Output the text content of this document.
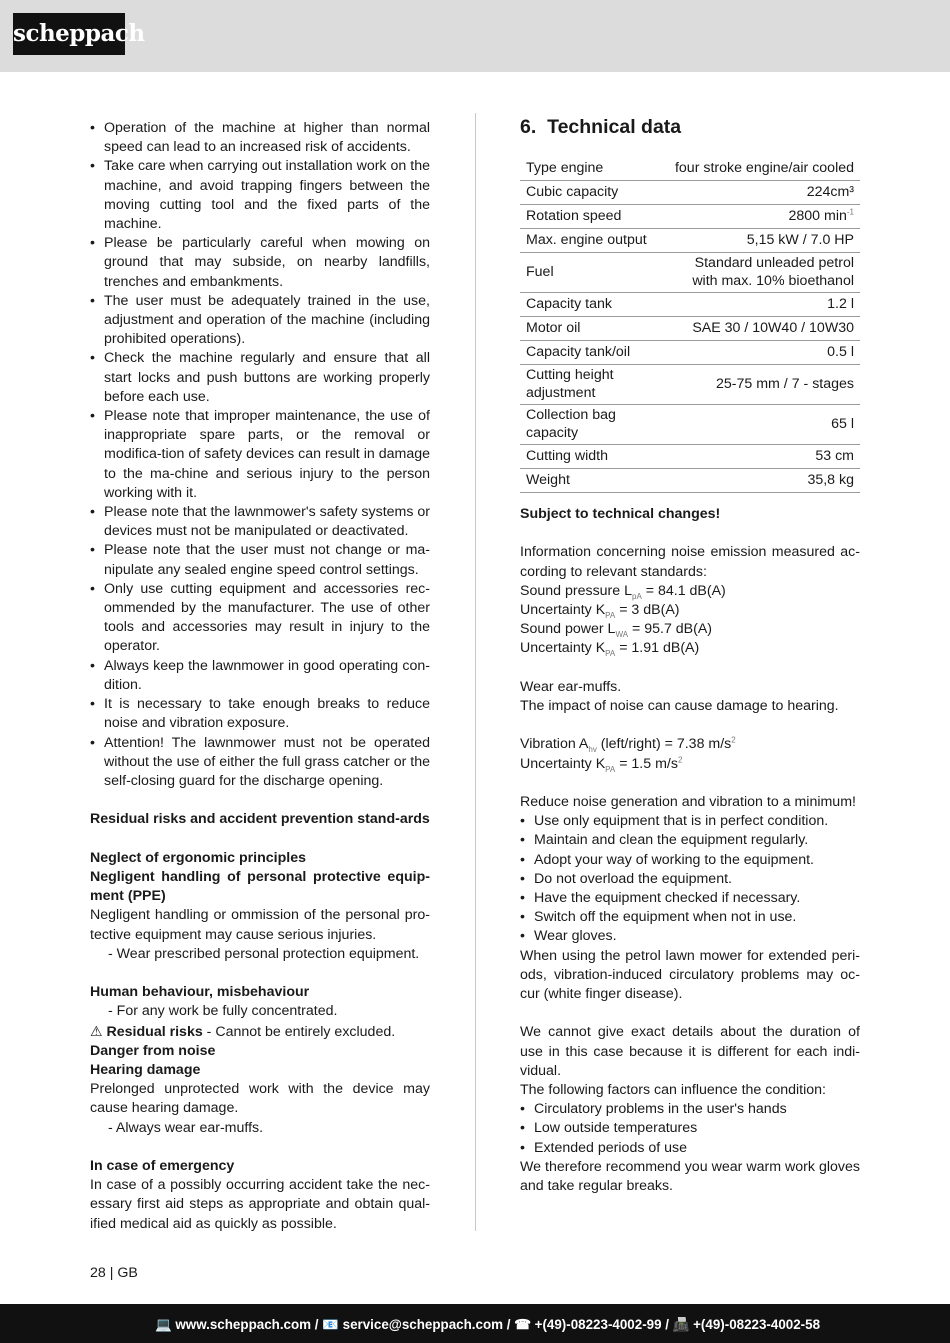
scheppach
• Operation of the machine at higher than normal speed can lead to an increased risk of accidents.
• Take care when carrying out installation work on the machine, and avoid trapping fingers between the moving cutting tool and the fixed parts of the machine.
• Please be particularly careful when mowing on ground that may subside, on nearby landfills, trenches and embankments.
• The user must be adequately trained in the use, adjustment and operation of the machine (including prohibited operations).
• Check the machine regularly and ensure that all start locks and push buttons are working properly before each use.
• Please note that improper maintenance, the use of inappropriate spare parts, or the removal or modifica-tion of safety devices can result in damage to the ma-chine and serious injury to the person working with it.
• Please note that the lawnmower's safety systems or devices must not be manipulated or deactivated.
• Please note that the user must not change or ma-nipulate any sealed engine speed control settings.
• Only use cutting equipment and accessories rec-ommended by the manufacturer. The use of other tools and accessories may result in injury to the operator.
• Always keep the lawnmower in good operating con-dition.
• It is necessary to take enough breaks to reduce noise and vibration exposure.
• Attention! The lawnmower must not be operated without the use of either the full grass catcher or the self-closing guard for the discharge opening.
Residual risks and accident prevention stand-ards
Neglect of ergonomic principles
Negligent handling of personal protective equip-ment (PPE)
Negligent handling or ommission of the personal pro-tective equipment may cause serious injuries.
- Wear prescribed personal protection equipment.
Human behaviour, misbehaviour
- For any work be fully concentrated.
⚠ Residual risks - Cannot be entirely excluded.
Danger from noise
Hearing damage
Prelonged unprotected work with the device may cause hearing damage.
- Always wear ear-muffs.
In case of emergency
In case of a possibly occurring accident take the nec-essary first aid steps as appropriate and obtain qual-ified medical aid as quickly as possible.
6. Technical data
Type engine	four stroke engine/air cooled
Cubic capacity	224cm³
Rotation speed	2800 $\min^{-1}$
Max. engine output	5,15 kW / 7.0 HP
Fuel	Standard unleaded petrol
with max. 10% bioethanol

Capacity tank	1.2 l
Motor oil	SAE 30 / 10W40 / 10W30
Capacity tank/oil	0.5 l

Cutting height
adjustment	25-75 mm / 7 - stages

Collection bag
capacity	65 l
Cutting width	53 cm
Weight	35,8 kg
Subject to technical changes!
Information concerning noise emission measured ac-cording to relevant standards:
Sound pressure $L_{pA} = 84.1$ dB(A)
Uncertainty $K_{PA} = 3$ dB(A)
Sound power $L_{WA} = 95.7$ dB(A)
Uncertainty $K_{PA} = 1.91$ dB(A)
Wear ear-muffs.
The impact of noise can cause damage to hearing.
Vibration $A_{hv}$ (left/right) = 7.38 $m/s^2$
Uncertainty $K_{PA} = 1.5$ $m/s^2$
Reduce noise generation and vibration to a minimum!
• Use only equipment that is in perfect condition.
• Maintain and clean the equipment regularly.
• Adopt your way of working to the equipment.
• Do not overload the equipment.
• Have the equipment checked if necessary.
• Switch off the equipment when not in use.
• Wear gloves.
When using the petrol lawn mower for extended peri-ods, vibration-induced circulatory problems may oc-cur (white finger disease).
We cannot give exact details about the duration of use in this case because it is different for each indi-vidual.
The following factors can influence the condition:
• Circulatory problems in the user's hands
• Low outside temperatures
• Extended periods of use
We therefore recommend you wear warm work gloves and take regular breaks.
28 | GB
💻 www.scheppach.com / 📧 service@scheppach.com / ☎ +(49)-08223-4002-99 / 📠 +(49)-08223-4002-58
